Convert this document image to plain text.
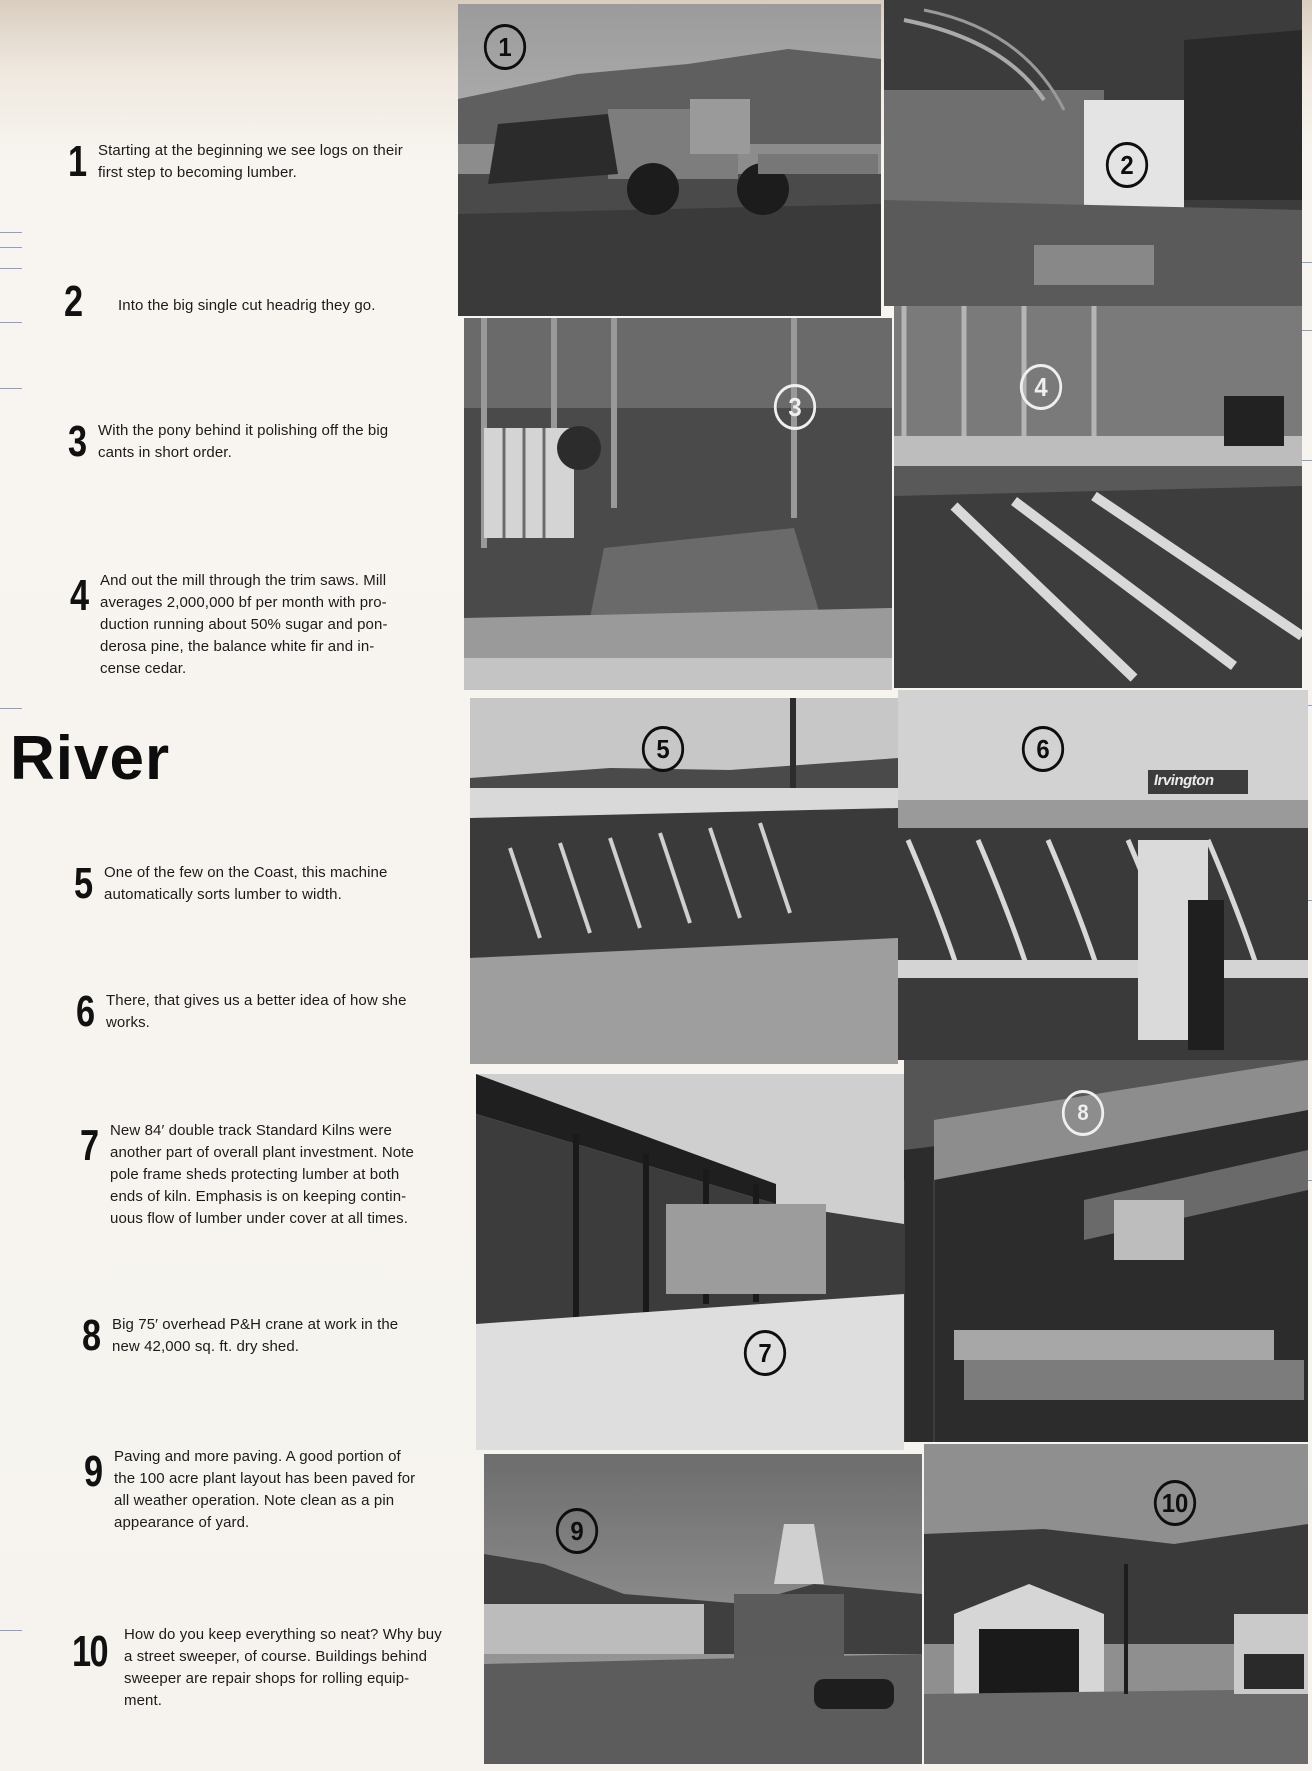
1 Starting at the beginning we see logs on their
first step to becoming lumber.
2	Into the big single cut headrig they go.
3 With the pony behind it polishing off the big
cants in short order.
4 And out the mill through the trim saws. Mill
averages 2,000,000 bf per month with pro-
duction running about 50% sugar and pon-
derosa pine, the balance white fir and in-
cense cedar.
River
5 One of the few on the Coast, this machine
automatically sorts lumber to width.
6 There, that gives us a better idea of how she
works.
7 New 84′ double track Standard Kilns were
another part of overall plant investment. Note
pole frame sheds protecting lumber at both
ends of kiln. Emphasis is on keeping contin-
uous flow of lumber under cover at all times.
8 Big 75′ overhead P&H crane at work in the
new 42,000 sq. ft. dry shed.
9 Paving and more paving. A good portion of
the 100 acre plant layout has been paved for
all weather operation. Note clean as a pin
appearance of yard.
10	How do you keep everything so neat? Why buy
a street sweeper, of course. Buildings behind
sweeper are repair shops for rolling equip-
ment.
1
2
3
4
5
Irvington
6
7
8
9
10
